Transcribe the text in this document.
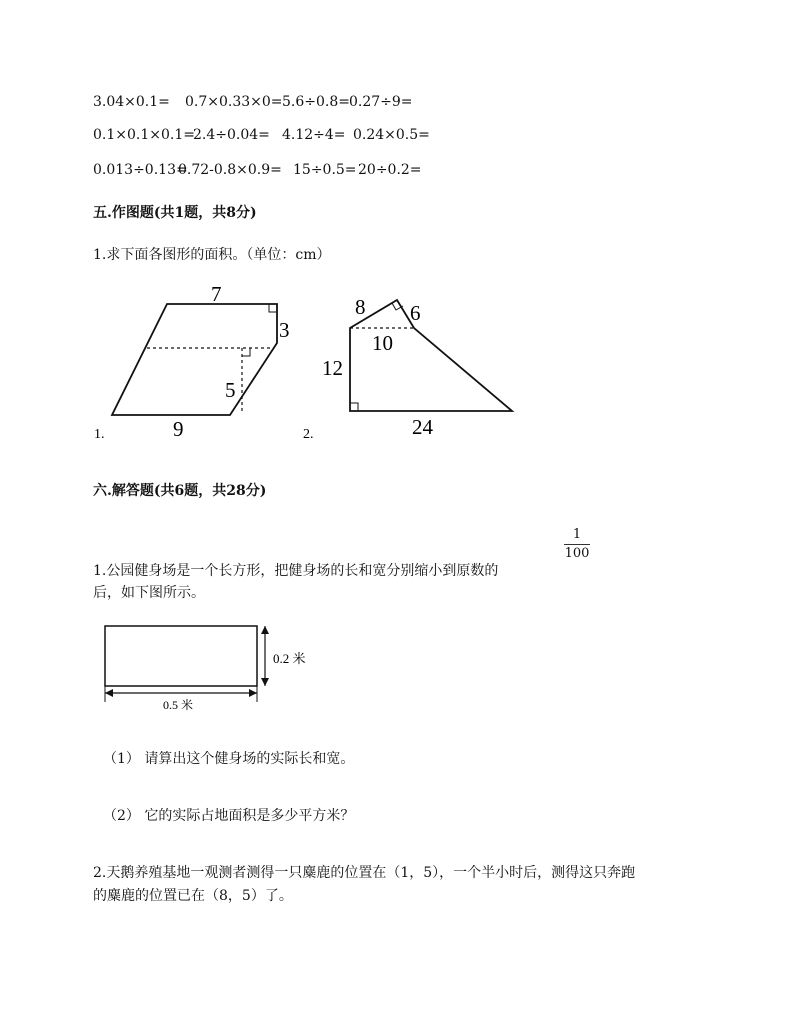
3.04×0.1= 0.7×0.33×0= 5.6÷0.8= 0.27÷9=
0.1×0.1×0.1=
2.4÷0.04= 4.12÷4= 0.24×0.5=
0.013÷0.13=
0.72-0.8×0.9= 15÷0.5= 20÷0.2=
五.作图题(共1题，共8分)
1.求下面各图形的面积。（单位：cm）
7
3
5
9
1.
8 6
10
12
24
2.
六.解答题(共6题，共28分)
1
100
1.公园健身场是一个长方形，把健身场的长和宽分别缩小到原数的
后，如下图所示。
0.2 米
0.5 米
（1） 请算出这个健身场的实际长和宽。
（2） 它的实际占地面积是多少平方米？
2.天鹅养殖基地一观测者测得一只麋鹿的位置在（1，5），一个半小时后，测得这只奔跑
的麋鹿的位置已在（8，5）了。
